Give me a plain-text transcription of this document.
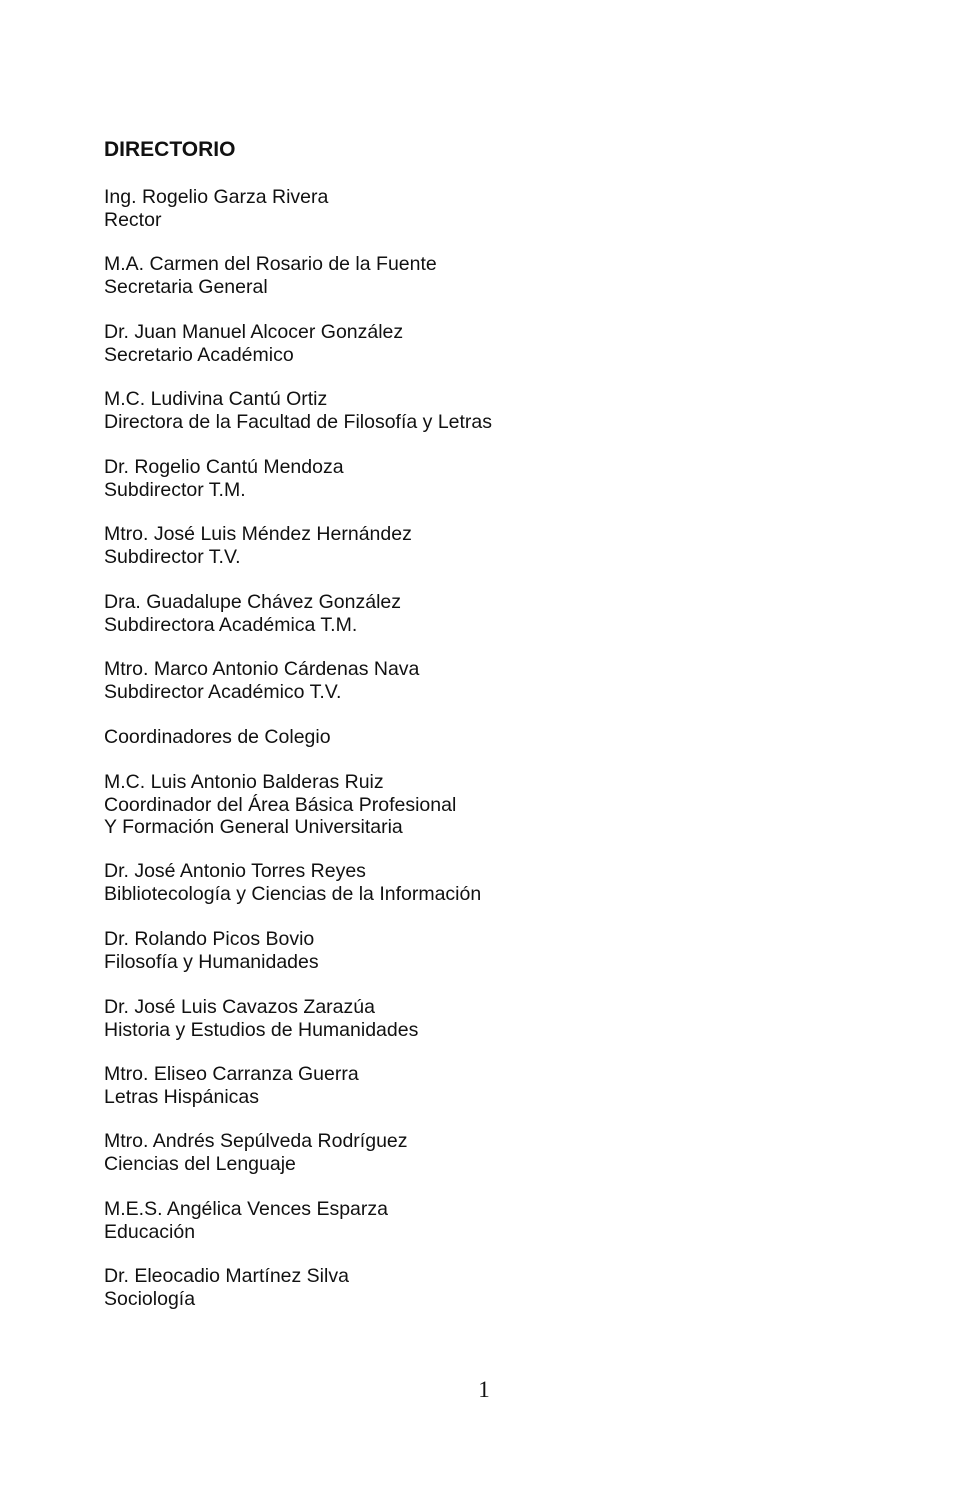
DIRECTORIO
Ing. Rogelio Garza Rivera
Rector
M.A. Carmen del Rosario de la Fuente
Secretaria General
Dr. Juan Manuel Alcocer González
Secretario Académico
M.C. Ludivina Cantú Ortiz
Directora de la Facultad de Filosofía y Letras
Dr. Rogelio Cantú Mendoza
Subdirector T.M.
Mtro. José Luis Méndez Hernández
Subdirector T.V.
Dra. Guadalupe Chávez González
Subdirectora Académica T.M.
Mtro. Marco Antonio Cárdenas Nava
Subdirector Académico T.V.
Coordinadores de Colegio
M.C. Luis Antonio Balderas Ruiz
Coordinador del Área Básica Profesional
Y Formación General Universitaria
Dr. José Antonio Torres Reyes
Bibliotecología y Ciencias de la Información
Dr. Rolando Picos Bovio
Filosofía y Humanidades
Dr. José Luis Cavazos Zarazúa
Historia y Estudios de Humanidades
Mtro. Eliseo Carranza Guerra
Letras Hispánicas
Mtro. Andrés Sepúlveda Rodríguez
Ciencias del Lenguaje
M.E.S. Angélica Vences Esparza
Educación
Dr. Eleocadio Martínez Silva
Sociología
1
